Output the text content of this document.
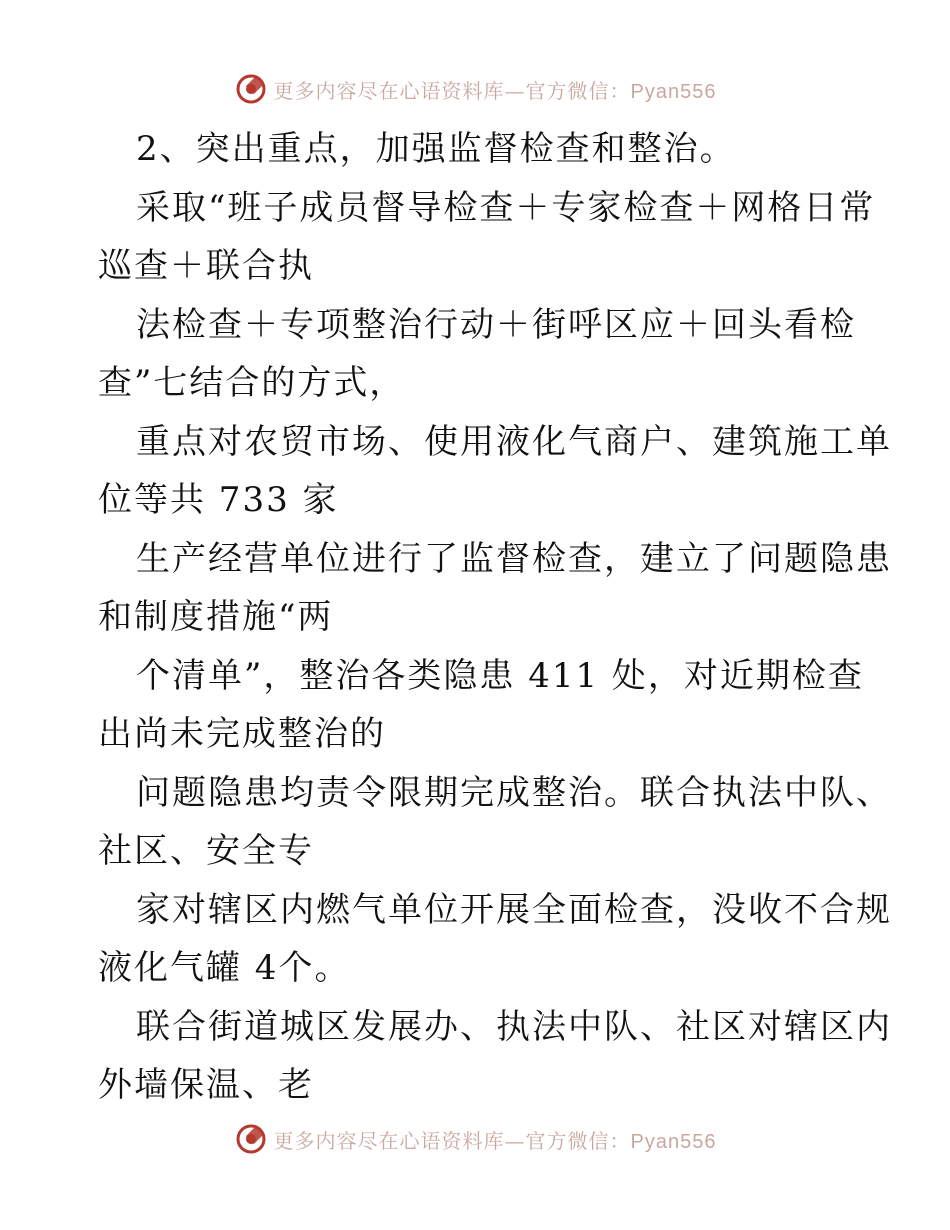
更多内容尽在心语资料库—官方微信：Pyan556
2、突出重点，加强监督检查和整治。
采取“班子成员督导检查＋专家检查＋网格日常
巡查＋联合执
法检查＋专项整治行动＋街呼区应＋回头看检
查”七结合的方式，
重点对农贸市场、使用液化气商户、建筑施工单
位等共 733 家
生产经营单位进行了监督检查，建立了问题隐患
和制度措施“两
个清单”，整治各类隐患 411 处，对近期检查
出尚未完成整治的
问题隐患均责令限期完成整治。联合执法中队、
社区、安全专
家对辖区内燃气单位开展全面检查，没收不合规
液化气罐 4个。
联合街道城区发展办、执法中队、社区对辖区内
外墙保温、老
更多内容尽在心语资料库—官方微信：Pyan556
